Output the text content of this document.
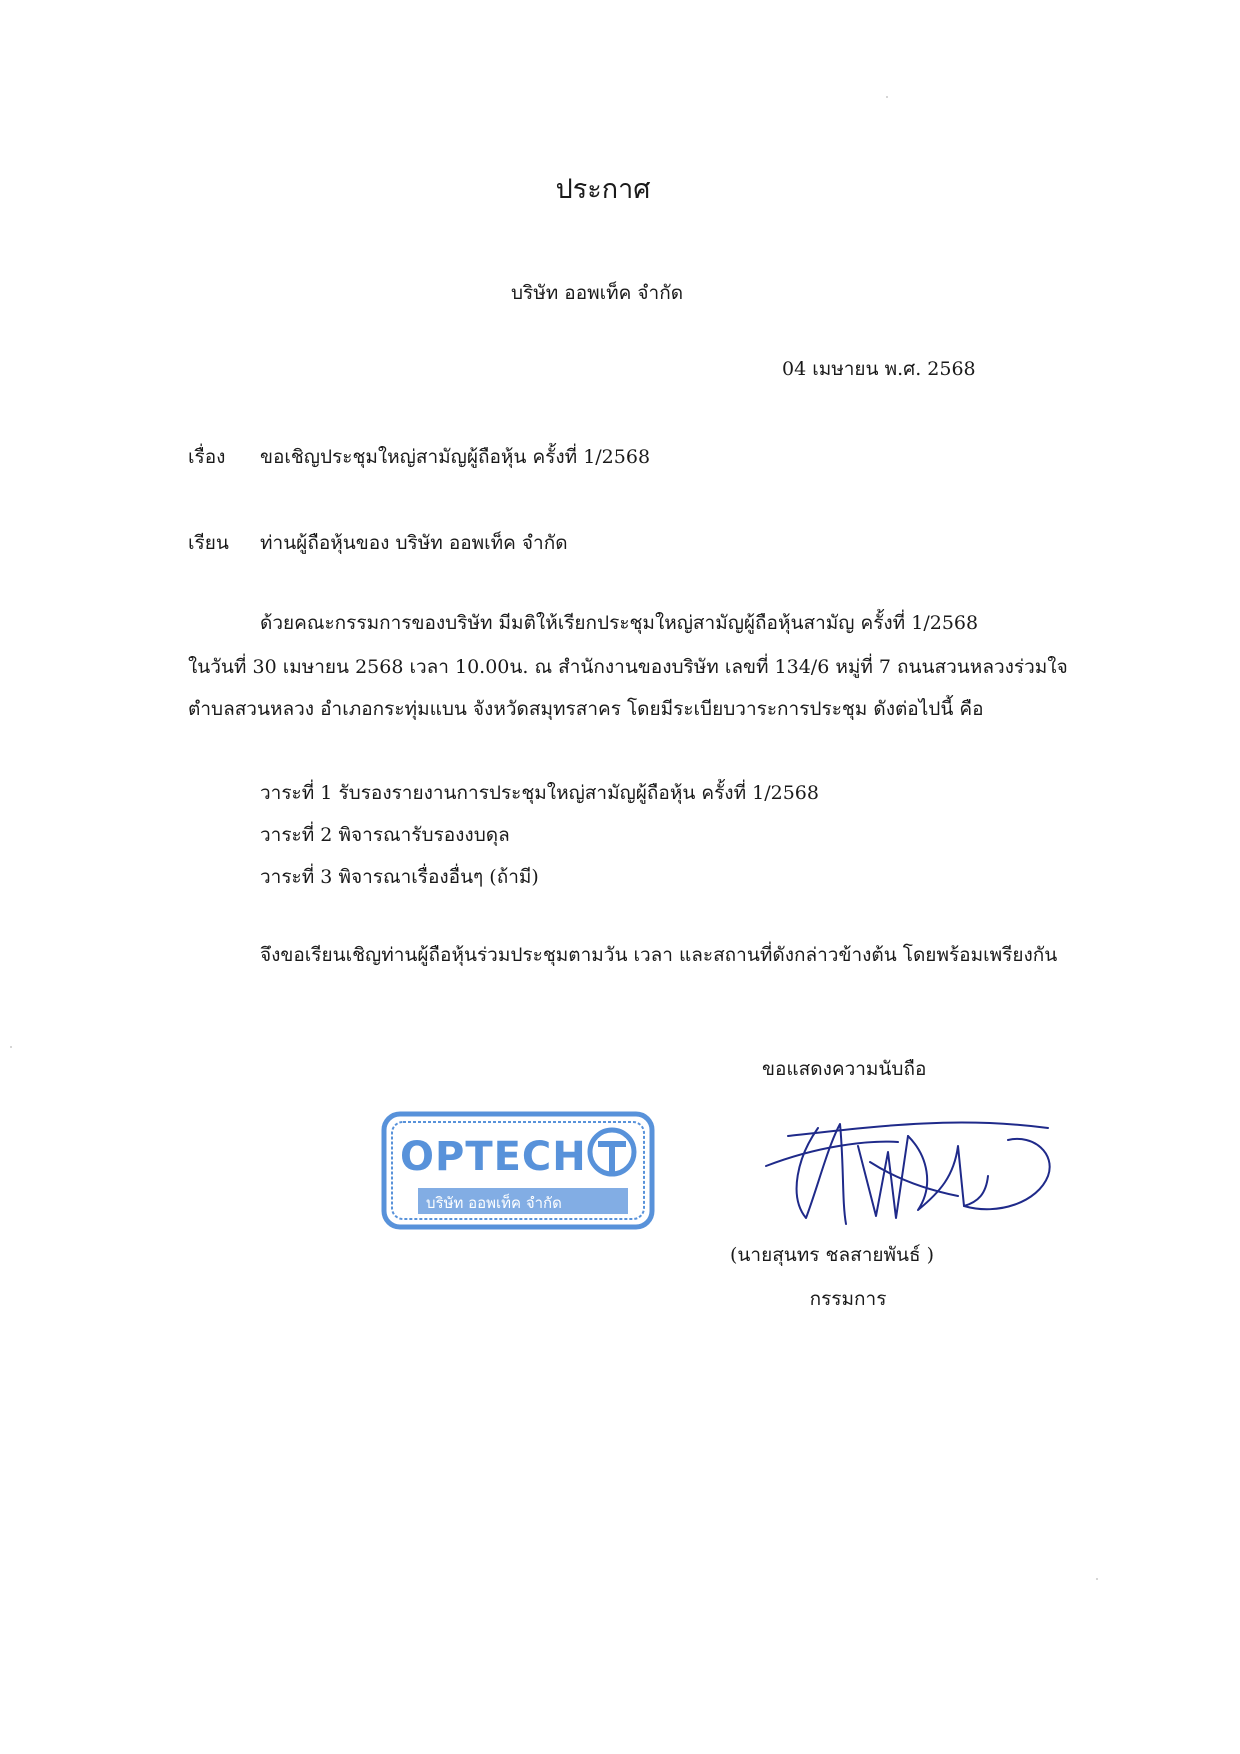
ประกาศ
บริษัท ออพเท็ค จำกัด
04 เมษายน พ.ศ. 2568
เรื่อง	ขอเชิญประชุมใหญ่สามัญผู้ถือหุ้น ครั้งที่ 1/2568
เรียน	ท่านผู้ถือหุ้นของ บริษัท ออพเท็ค จำกัด
ด้วยคณะกรรมการของบริษัท มีมติให้เรียกประชุมใหญ่สามัญผู้ถือหุ้นสามัญ ครั้งที่ 1/2568
ในวันที่ 30 เมษายน 2568 เวลา 10.00น. ณ สำนักงานของบริษัท เลขที่ 134/6 หมู่ที่ 7 ถนนสวนหลวงร่วมใจ
ตำบลสวนหลวง อำเภอกระทุ่มแบน จังหวัดสมุทรสาคร โดยมีระเบียบวาระการประชุม ดังต่อไปนี้ คือ
วาระที่ 1 รับรองรายงานการประชุมใหญ่สามัญผู้ถือหุ้น ครั้งที่ 1/2568
วาระที่ 2 พิจารณารับรองงบดุล
วาระที่ 3 พิจารณาเรื่องอื่นๆ (ถ้ามี)
จึงขอเรียนเชิญท่านผู้ถือหุ้นร่วมประชุมตามวัน เวลา และสถานที่ดังกล่าวข้างต้น โดยพร้อมเพรียงกัน
ขอแสดงความนับถือ
OPTECH
บริษัท ออพเท็ค จำกัด
(นายสุนทร ชลสายพันธ์ )
กรรมการ
